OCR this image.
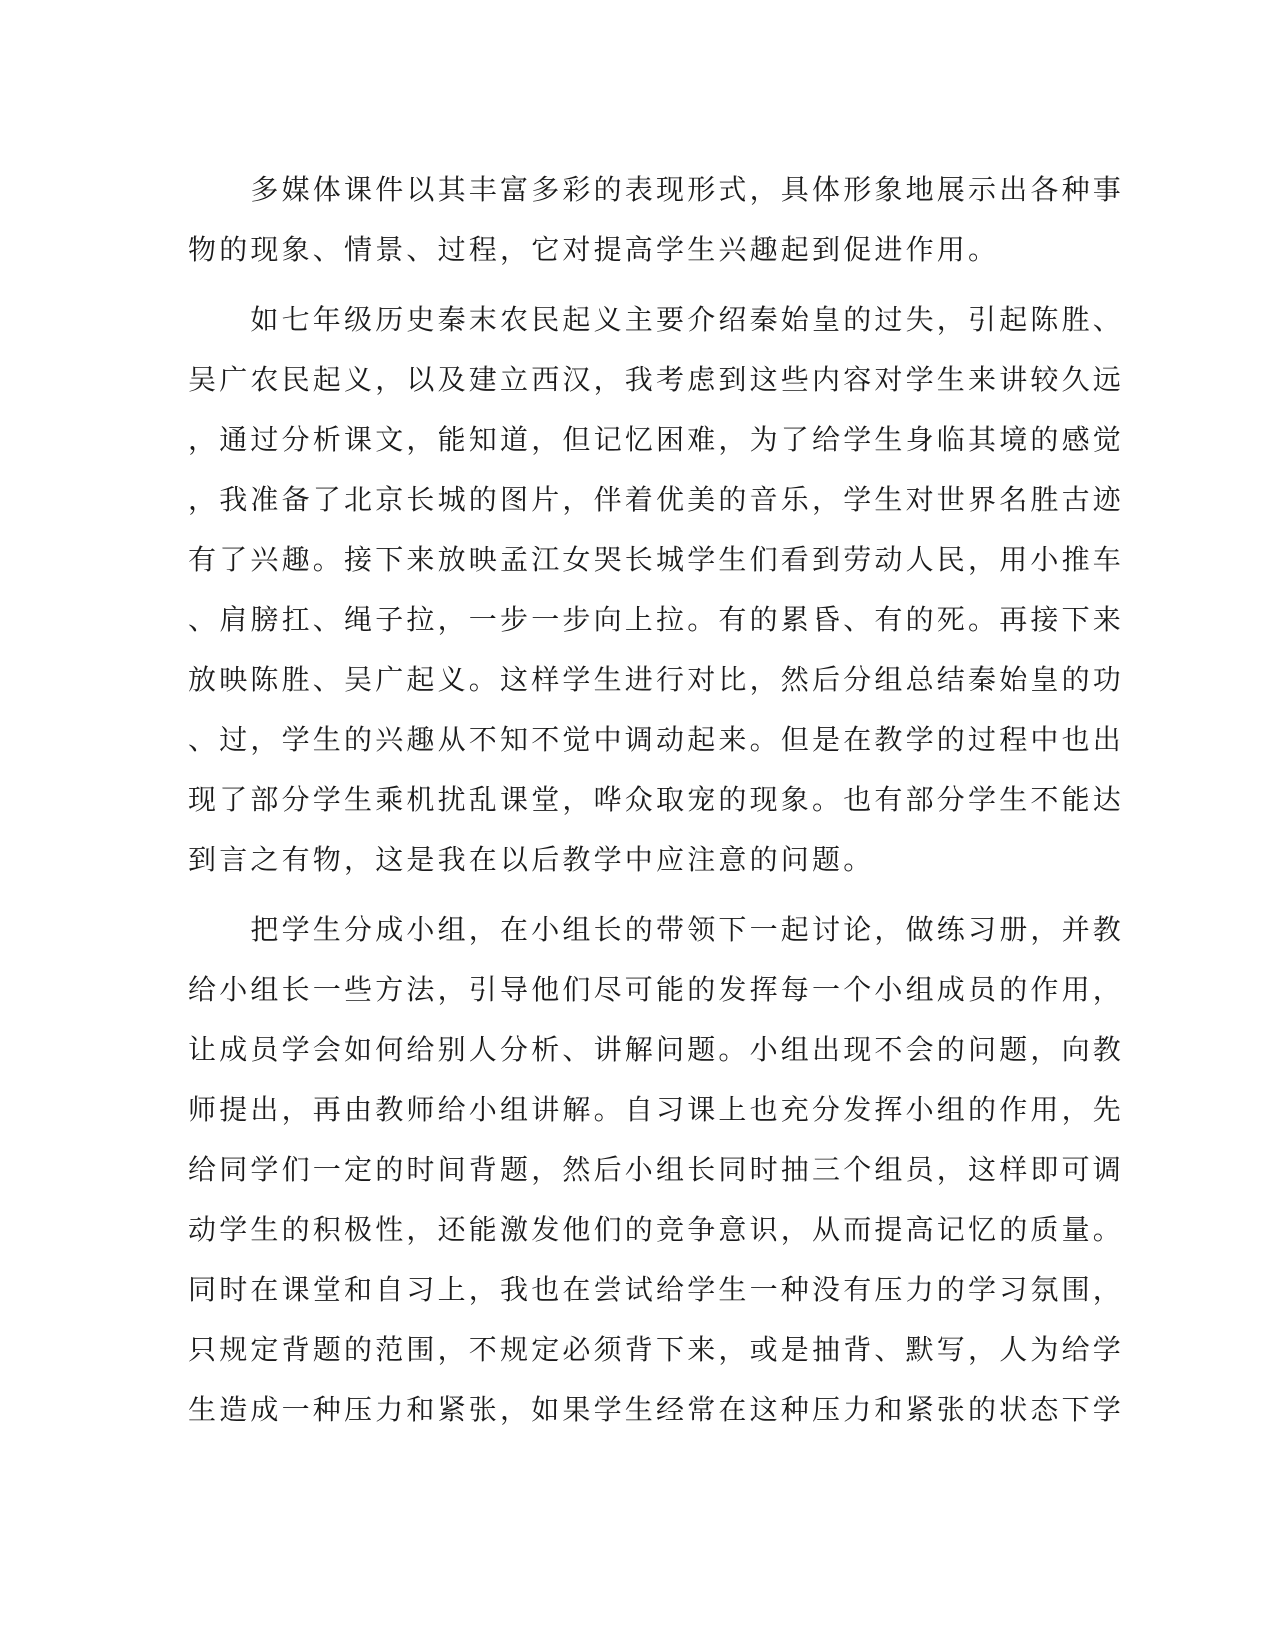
　　多媒体课件以其丰富多彩的表现形式，具体形象地展示出各种事
物的现象、情景、过程，它对提高学生兴趣起到促进作用。
　　如七年级历史秦末农民起义主要介绍秦始皇的过失，引起陈胜、
吴广农民起义，以及建立西汉，我考虑到这些内容对学生来讲较久远
，通过分析课文，能知道，但记忆困难，为了给学生身临其境的感觉
，我准备了北京长城的图片，伴着优美的音乐，学生对世界名胜古迹
有了兴趣。接下来放映孟江女哭长城学生们看到劳动人民，用小推车
、肩膀扛、绳子拉，一步一步向上拉。有的累昏、有的死。再接下来
放映陈胜、吴广起义。这样学生进行对比，然后分组总结秦始皇的功
、过，学生的兴趣从不知不觉中调动起来。但是在教学的过程中也出
现了部分学生乘机扰乱课堂，哗众取宠的现象。也有部分学生不能达
到言之有物，这是我在以后教学中应注意的问题。
　　把学生分成小组，在小组长的带领下一起讨论，做练习册，并教
给小组长一些方法，引导他们尽可能的发挥每一个小组成员的作用，
让成员学会如何给别人分析、讲解问题。小组出现不会的问题，向教
师提出，再由教师给小组讲解。自习课上也充分发挥小组的作用，先
给同学们一定的时间背题，然后小组长同时抽三个组员，这样即可调
动学生的积极性，还能激发他们的竞争意识，从而提高记忆的质量。
同时在课堂和自习上，我也在尝试给学生一种没有压力的学习氛围，
只规定背题的范围，不规定必须背下来，或是抽背、默写，人为给学
生造成一种压力和紧张，如果学生经常在这种压力和紧张的状态下学
